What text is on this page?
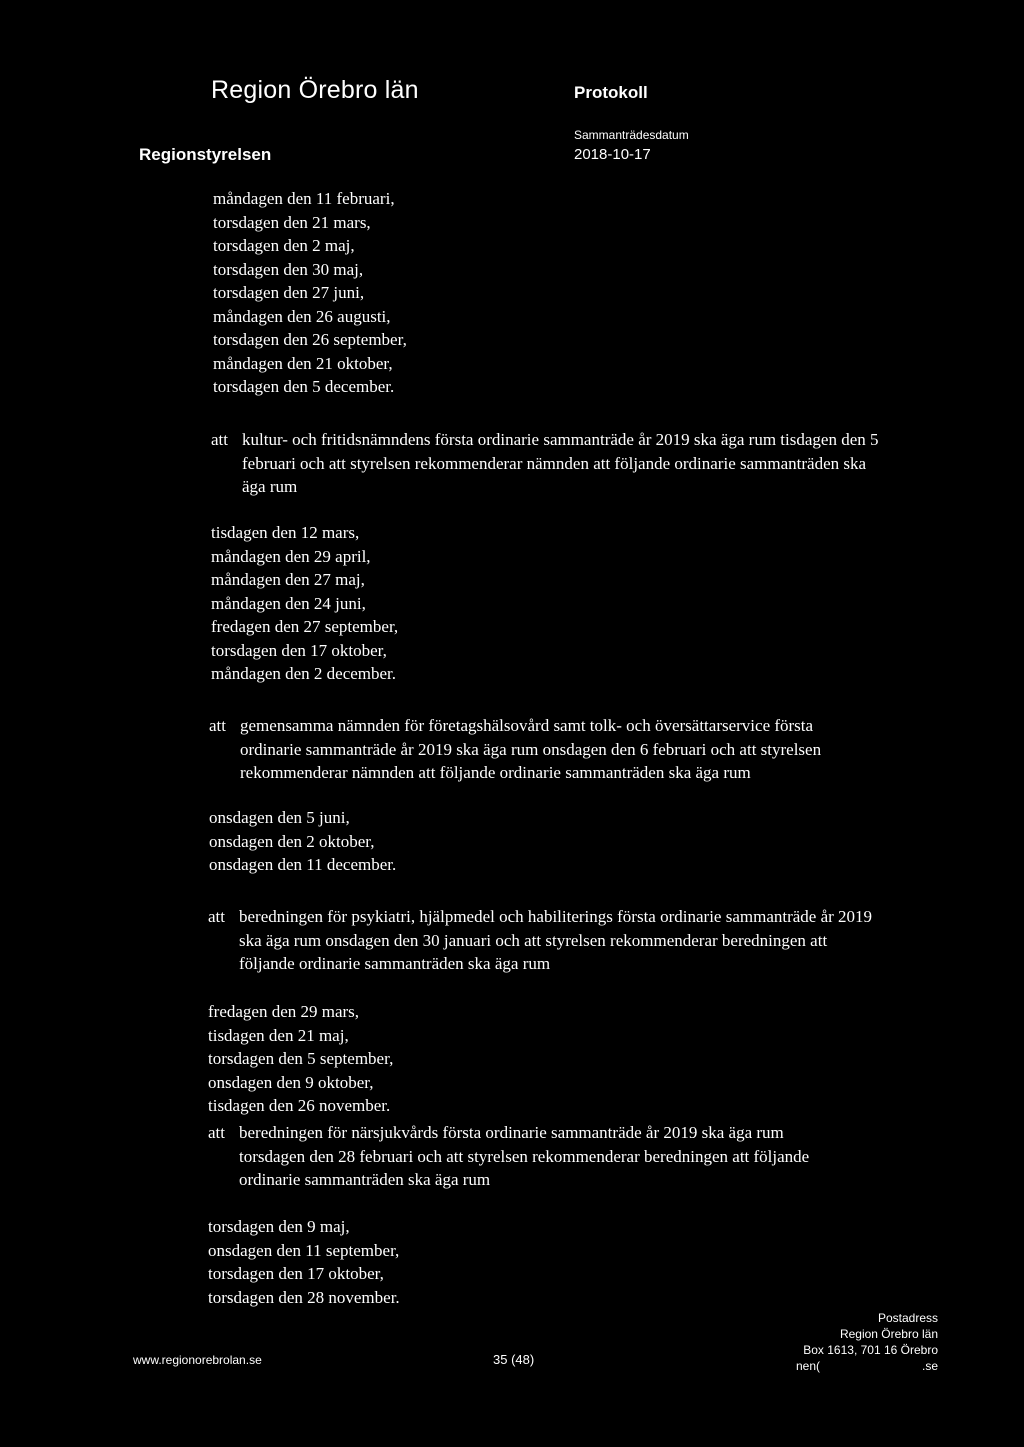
Region Örebro län	Protokoll
Regionstyrelsen
Sammanträdesdatum
2018-10-17
måndagen den 11 februari,
torsdagen den 21 mars,
torsdagen den 2 maj,
torsdagen den 30 maj,
torsdagen den 27 juni,
måndagen den 26 augusti,
torsdagen den 26 september,
måndagen den 21 oktober,
torsdagen den 5 december.
att kultur- och fritidsnämndens första ordinarie sammanträde år 2019 ska äga rum tisdagen den 5 februari och att styrelsen rekommenderar nämnden att följande ordinarie sammanträden ska äga rum
tisdagen den 12 mars,
måndagen den 29 april,
måndagen den 27 maj,
måndagen den 24 juni,
fredagen den 27 september,
torsdagen den 17 oktober,
måndagen den 2 december.
att gemensamma nämnden för företagshälsovård samt tolk- och översättarservice första ordinarie sammanträde år 2019 ska äga rum onsdagen den 6 februari och att styrelsen rekommenderar nämnden att följande ordinarie sammanträden ska äga rum
onsdagen den 5 juni,
onsdagen den 2 oktober,
onsdagen den 11 december.
att beredningen för psykiatri, hjälpmedel och habiliterings första ordinarie sammanträde år 2019 ska äga rum onsdagen den 30 januari och att styrelsen rekommenderar beredningen att följande ordinarie sammanträden ska äga rum
fredagen den 29 mars,
tisdagen den 21 maj,
torsdagen den 5 september,
onsdagen den 9 oktober,
tisdagen den 26 november.
att beredningen för närsjukvårds första ordinarie sammanträde år 2019 ska äga rum torsdagen den 28 februari och att styrelsen rekommenderar beredningen att följande ordinarie sammanträden ska äga rum
torsdagen den 9 maj,
onsdagen den 11 september,
torsdagen den 17 oktober,
torsdagen den 28 november.
www.regionorebrolan.se	35 (48)
Postadress
Region Örebro län
Box 1613, 701 16 Örebro
nen(	.se
